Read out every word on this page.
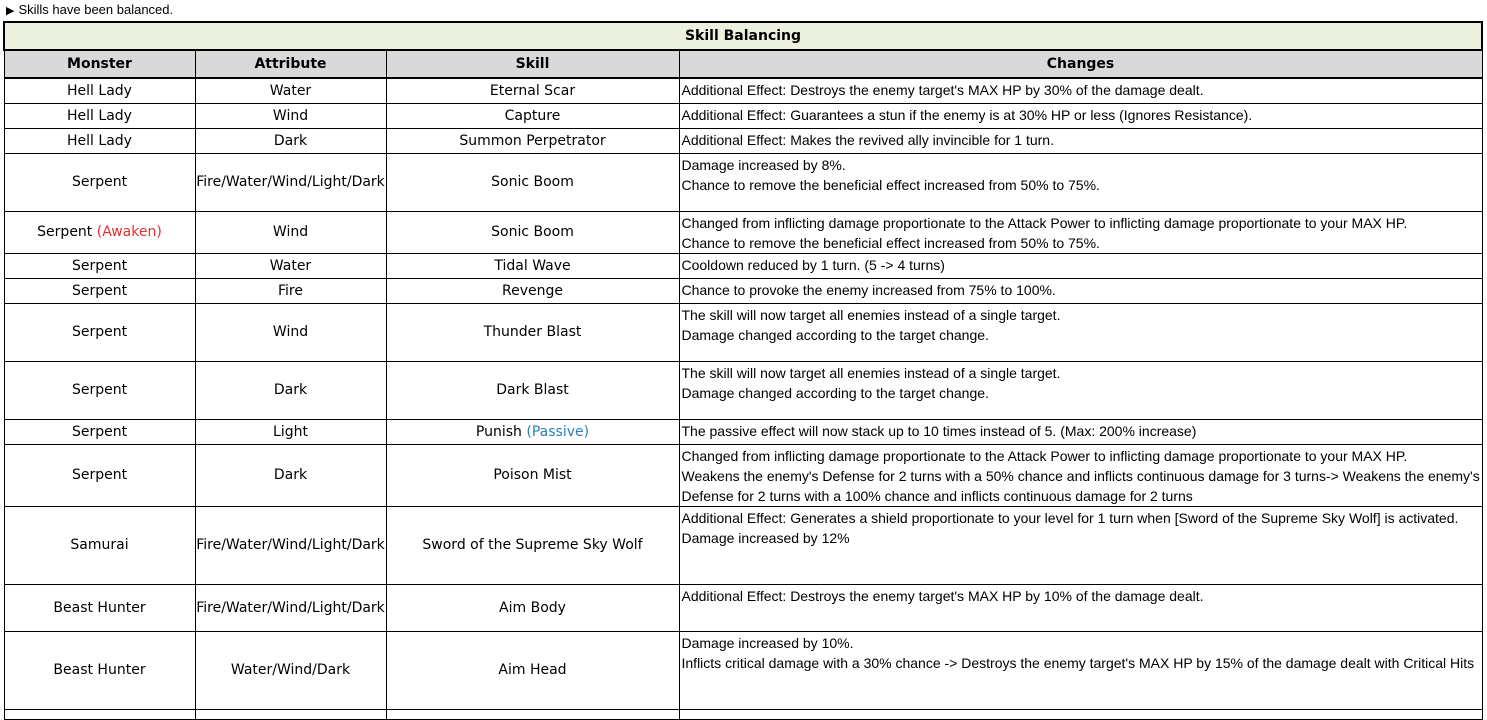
▶ Skills have been balanced.
Skill Balancing			
Monster	Attribute	Skill	Changes
Hell Lady	Water	Eternal Scar	Additional Effect: Destroys the enemy target's MAX HP by 30% of the damage dealt.

Hell Lady	Wind	Capture	Additional Effect: Guarantees a stun if the enemy is at 30% HP or less (Ignores Resistance).

Hell Lady	Dark	Summon Perpetrator	Additional Effect: Makes the revived ally invincible for 1 turn.

Serpent	Fire/Water/Wind/Light/Dark	Sonic Boom	Damage increased by 8%.
Chance to remove the beneficial effect increased from 50% to 75%.

Serpent (Awaken)	Wind	Sonic Boom	Changed from inflicting damage proportionate to the Attack Power to inflicting damage proportionate to your MAX HP.
Chance to remove the beneficial effect increased from 50% to 75%.

Serpent	Water	Tidal Wave	Cooldown reduced by 1 turn. (5 -> 4 turns)

Serpent	Fire	Revenge	Chance to provoke the enemy increased from 75% to 100%.

Serpent	Wind	Thunder Blast	The skill will now target all enemies instead of a single target.
Damage changed according to the target change.

Serpent	Dark	Dark Blast	The skill will now target all enemies instead of a single target.
Damage changed according to the target change.

Serpent	Light	Punish (Passive)	The passive effect will now stack up to 10 times instead of 5. (Max: 200% increase)

Serpent	Dark	Poison Mist	Changed from inflicting damage proportionate to the Attack Power to inflicting damage proportionate to your MAX HP.
Weakens the enemy's Defense for 2 turns with a 50% chance and inflicts continuous damage for 3 turns-> Weakens the enemy's Defense for 2 turns with a 100% chance and inflicts continuous damage for 2 turns

Samurai	Fire/Water/Wind/Light/Dark	Sword of the Supreme Sky Wolf	Additional Effect: Generates a shield proportionate to your level for 1 turn when [Sword of the Supreme Sky Wolf] is activated.
Damage increased by 12%

Beast Hunter	Fire/Water/Wind/Light/Dark	Aim Body	Additional Effect: Destroys the enemy target's MAX HP by 10% of the damage dealt.

Beast Hunter	Water/Wind/Dark	Aim Head	Damage increased by 10%.
Inflicts critical damage with a 30% chance -> Destroys the enemy target's MAX HP by 15% of the damage dealt with Critical Hits
